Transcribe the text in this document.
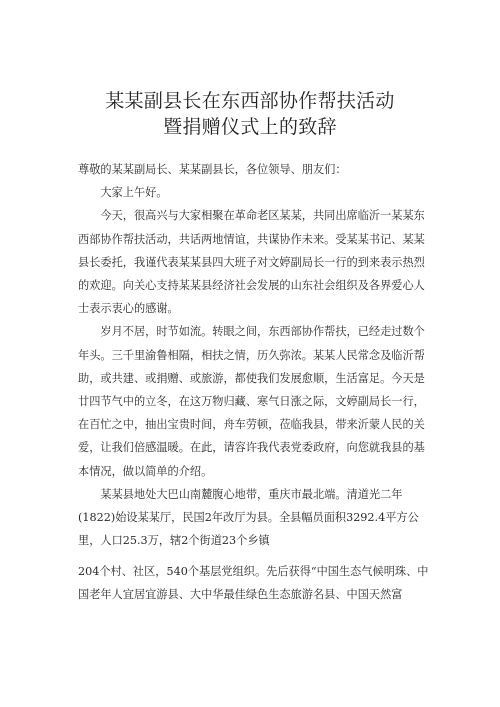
某某副县长在东西部协作帮扶活动
暨捐赠仪式上的致辞

尊敬的某某副局长、某某副县长，各位领导、朋友们：

大家上午好。

今天，很高兴与大家相聚在革命老区某某，共同出席临沂一某某东西部协作帮扶活动，共话两地情谊，共谋协作未来。受某某书记、某某县长委托，我谨代表某某县四大班子对文婷副局长一行的到来表示热烈的欢迎。向关心支持某某县经济社会发展的山东社会组织及各界爱心人士表示衷心的感谢。

岁月不居，时节如流。转眼之间，东西部协作帮扶，已经走过数个年头。三千里渝鲁相隔，相扶之情，历久弥浓。某某人民常念及临沂帮助，或共建、或捐赠、或旅游，都使我们发展愈顺，生活富足。今天是廿四节气中的立冬，在这万物归藏、寒气日涨之际，文婷副局长一行，在百忙之中，抽出宝贵时间，舟车劳顿，莅临我县，带来沂蒙人民的关爱，让我们倍感温暖。在此，请容许我代表党委政府，向您就我县的基本情况，做以简单的介绍。

某某县地处大巴山南麓腹心地带，重庆市最北端。清道光二年(1822)始设某某厅，民国2年改厅为县。全县幅员面积3292.4平方公里，人口25.3万，辖2个街道23个乡镇

204个村、社区，540个基层党组织。先后获得“中国生态气候明珠、中国老年人宜居宜游县、大中华最佳绿色生态旅游名县、中国天然富
